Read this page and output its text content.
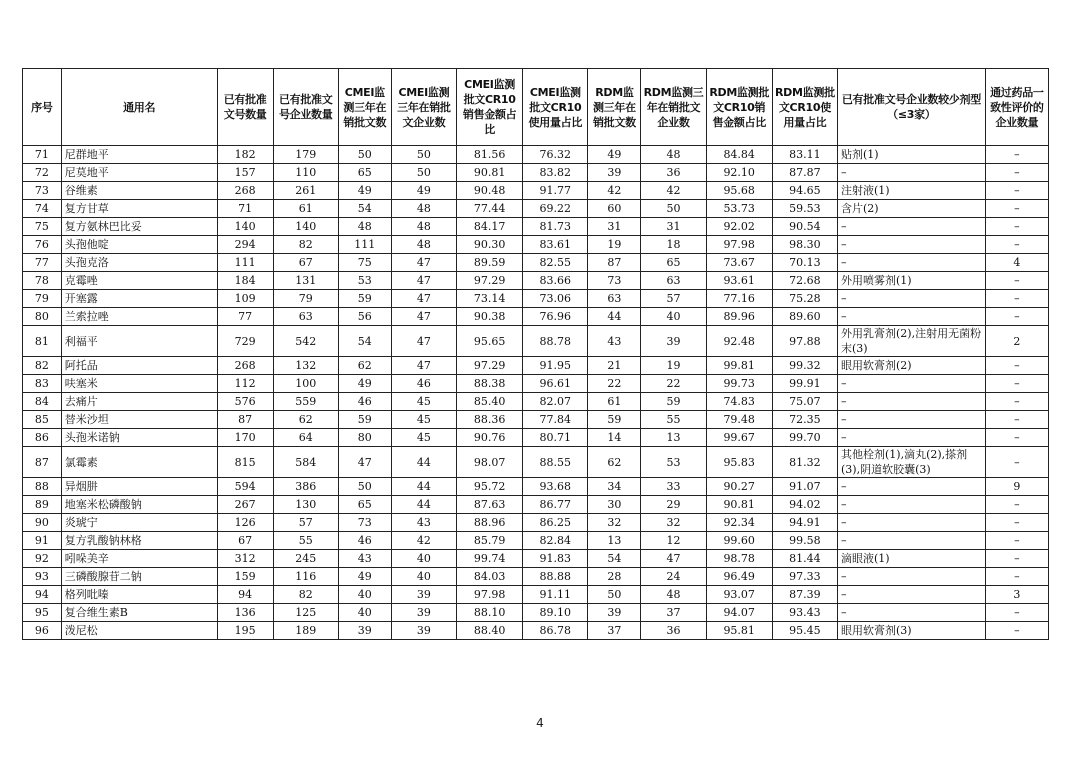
序号	通用名	已有批准文号数量	已有批准文号企业数量	CMEI监测三年在销批文数	CMEI监测三年在销批文企业数	CMEI监测批文CR10销售金额占比	CMEI监测批文CR10使用量占比	RDM监测三年在销批文数	RDM监测三年在销批文企业数	RDM监测批文CR10销售金额占比	RDM监测批文CR10使用量占比	已有批准文号企业数较少剂型（≤3家）	通过药品一致性评价的企业数量
71	尼群地平	182	179	50	50	81.56	76.32	49	48	84.84	83.11	贴剂(1)	–
72	尼莫地平	157	110	65	50	90.81	83.82	39	36	92.10	87.87	–	–
73	谷维素	268	261	49	49	90.48	91.77	42	42	95.68	94.65	注射液(1)	–
74	复方甘草	71	61	54	48	77.44	69.22	60	50	53.73	59.53	含片(2)	–
75	复方氨林巴比妥	140	140	48	48	84.17	81.73	31	31	92.02	90.54	–	–
76	头孢他啶	294	82	111	48	90.30	83.61	19	18	97.98	98.30	–	–
77	头孢克洛	111	67	75	47	89.59	82.55	87	65	73.67	70.13	–	4
78	克霉唑	184	131	53	47	97.29	83.66	73	63	93.61	72.68	外用喷雾剂(1)	–
79	开塞露	109	79	59	47	73.14	73.06	63	57	77.16	75.28	–	–
80	兰索拉唑	77	63	56	47	90.38	76.96	44	40	89.96	89.60	–	–
81	利福平	729	542	54	47	95.65	88.78	43	39	92.48	97.88	外用乳膏剂(2),注射用无菌粉末(3)	2
82	阿托品	268	132	62	47	97.29	91.95	21	19	99.81	99.32	眼用软膏剂(2)	–
83	呋塞米	112	100	49	46	88.38	96.61	22	22	99.73	99.91	–	–
84	去痛片	576	559	46	45	85.40	82.07	61	59	74.83	75.07	–	–
85	替米沙坦	87	62	59	45	88.36	77.84	59	55	79.48	72.35	–	–
86	头孢米诺钠	170	64	80	45	90.76	80.71	14	13	99.67	99.70	–	–
87	氯霉素	815	584	47	44	98.07	88.55	62	53	95.83	81.32	其他栓剂(1),滴丸(2),搽剂(3),阴道软胶囊(3)	–
88	异烟肼	594	386	50	44	95.72	93.68	34	33	90.27	91.07	–	9
89	地塞米松磷酸钠	267	130	65	44	87.63	86.77	30	29	90.81	94.02	–	–
90	炎琥宁	126	57	73	43	88.96	86.25	32	32	92.34	94.91	–	–
91	复方乳酸钠林格	67	55	46	42	85.79	82.84	13	12	99.60	99.58	–	–
92	吲哚美辛	312	245	43	40	99.74	91.83	54	47	98.78	81.44	滴眼液(1)	–
93	三磷酸腺苷二钠	159	116	49	40	84.03	88.88	28	24	96.49	97.33	–	–
94	格列吡嗪	94	82	40	39	97.98	91.11	50	48	93.07	87.39	–	3
95	复合维生素B	136	125	40	39	88.10	89.10	39	37	94.07	93.43	–	–
96	泼尼松	195	189	39	39	88.40	86.78	37	36	95.81	95.45	眼用软膏剂(3)	–
4
